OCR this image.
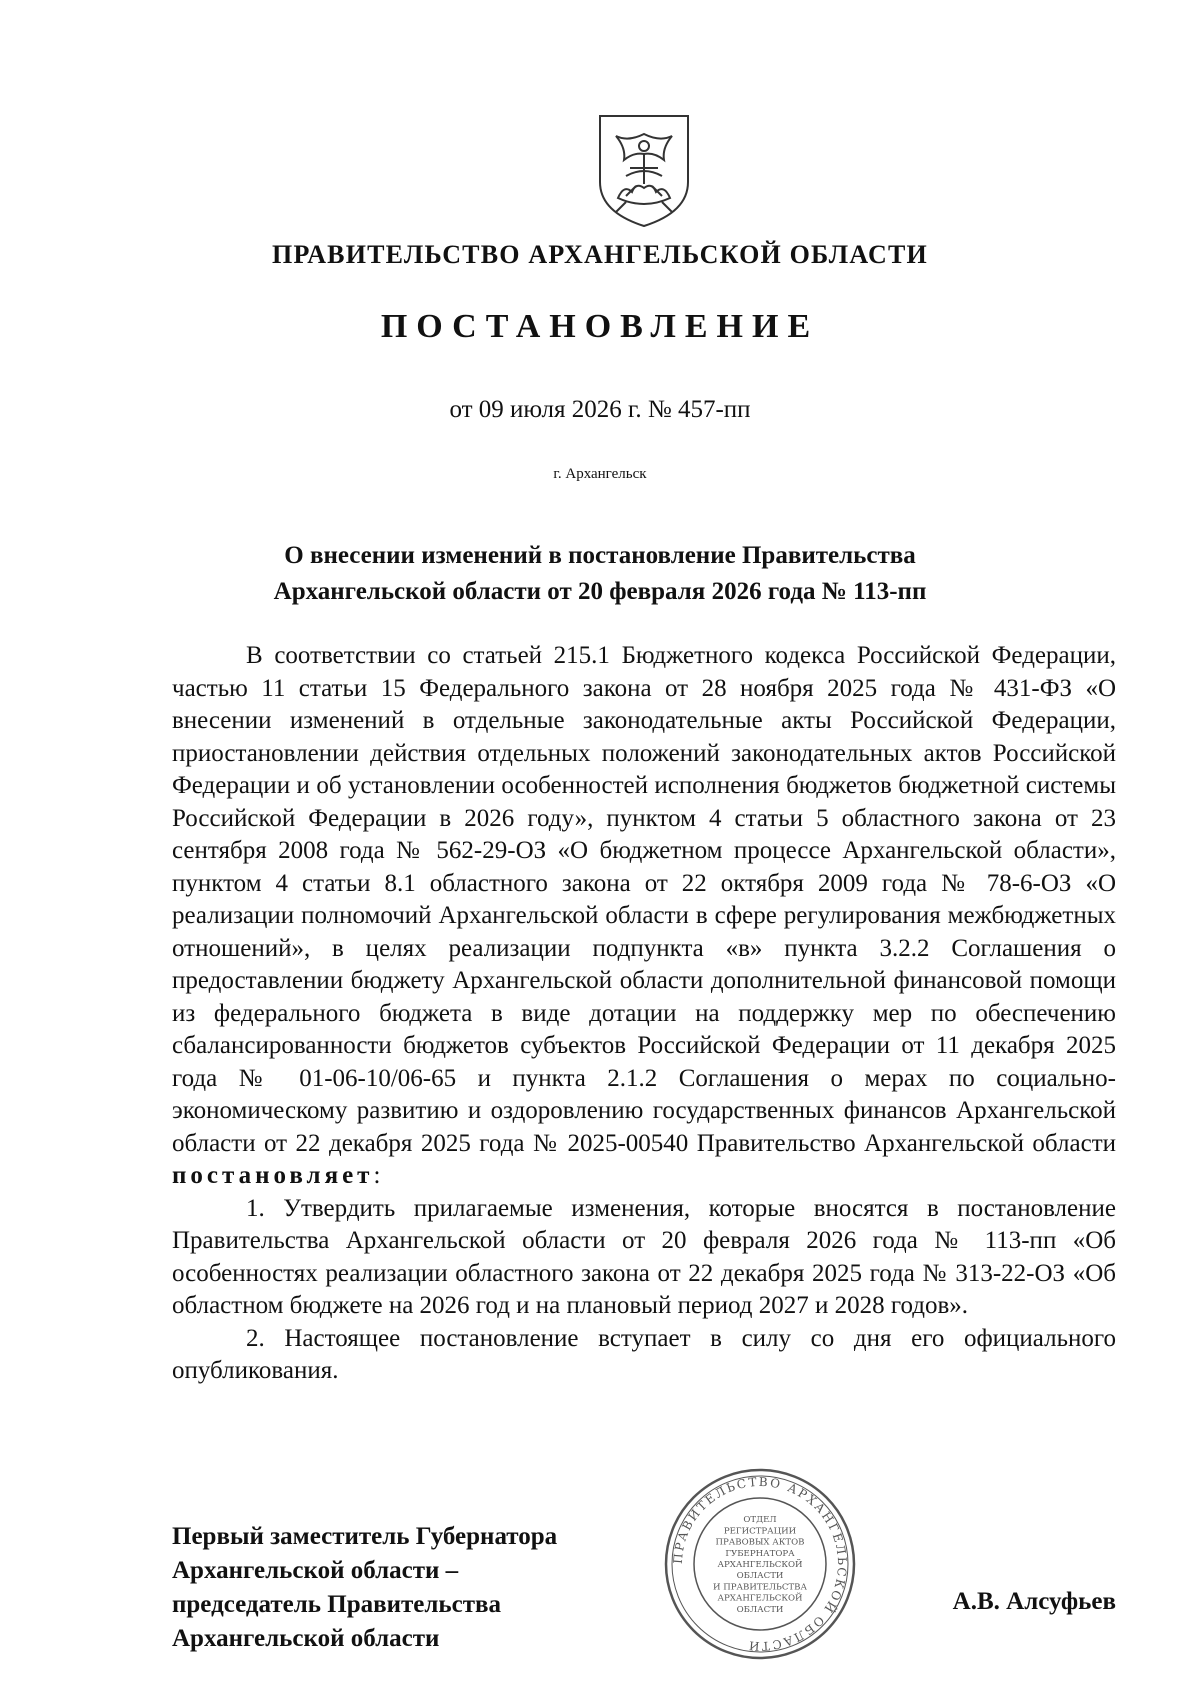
ПРАВИТЕЛЬСТВО АРХАНГЕЛЬСКОЙ ОБЛАСТИ
ПОСТАНОВЛЕНИЕ
от 09 июля 2026 г. № 457-пп
г. Архангельск
О внесении изменений в постановление Правительства
Архангельской области от 20 февраля 2026 года № 113-пп

В соответствии со статьей 215.1 Бюджетного кодекса Российской Федерации, частью 11 статьи 15 Федерального закона от 28 ноября 2025 года № 431-ФЗ «О внесении изменений в отдельные законодательные акты Российской Федерации, приостановлении действия отдельных положений законодательных актов Российской Федерации и об установлении особенностей исполнения бюджетов бюджетной системы Российской Федерации в 2026 году», пунктом 4 статьи 5 областного закона от 23 сентября 2008 года № 562-29-ОЗ «О бюджетном процессе Архангельской области», пунктом 4 статьи 8.1 областного закона от 22 октября 2009 года № 78-6-ОЗ «О реализации полномочий Архангельской области в сфере регулирования межбюджетных отношений», в целях реализации подпункта «в» пункта 3.2.2 Соглашения о предоставлении бюджету Архангельской области дополнительной финансовой помощи из федерального бюджета в виде дотации на поддержку мер по обеспечению сбалансированности бюджетов субъектов Российской Федерации от 11 декабря 2025 года № 01-06-10/06-65 и пункта 2.1.2 Соглашения о мерах по социально-экономическому развитию и оздоровлению государственных финансов Архангельской области от 22 декабря 2025 года № 2025-00540 Правительство Архангельской области постановляет:

1. Утвердить прилагаемые изменения, которые вносятся в постановление Правительства Архангельской области от 20 февраля 2026 года № 113-пп «Об особенностях реализации областного закона от 22 декабря 2025 года № 313-22-ОЗ «Об областном бюджете на 2026 год и на плановый период 2027 и 2028 годов».

2. Настоящее постановление вступает в силу со дня его официального опубликования.

Первый заместитель Губернатора
Архангельской области –
председатель Правительства
Архангельской области
А.В. Алсуфьев
ПРАВИТЕЛЬСТВО АРХАНГЕЛЬСКОЙ ОБЛАСТИ
ОТДЕЛ
РЕГИСТРАЦИИ
ПРАВОВЫХ АКТОВ
ГУБЕРНАТОРА
АРХАНГЕЛЬСКОЙ
ОБЛАСТИ
И ПРАВИТЕЛЬСТВА
АРХАНГЕЛЬСКОЙ
ОБЛАСТИ
